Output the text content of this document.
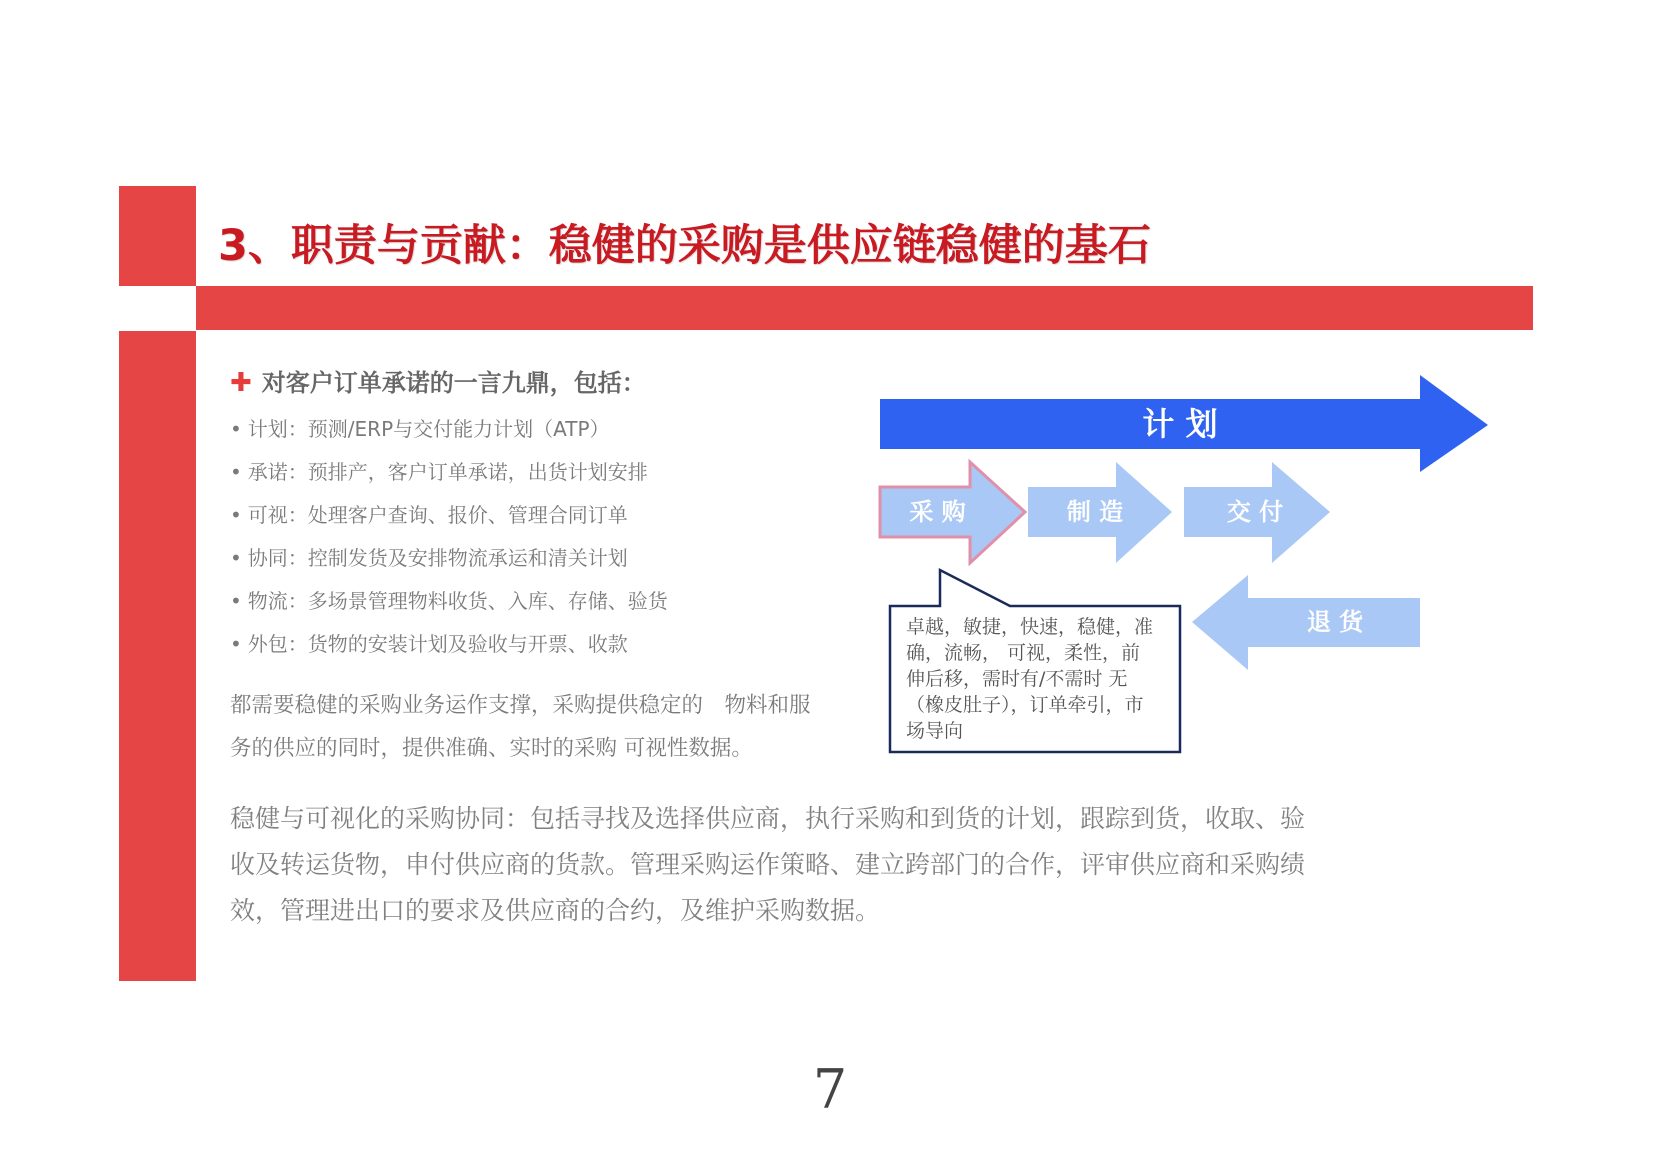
3、职责与贡献：稳健的采购是供应链稳健的基石
✚ 对客户订单承诺的一言九鼎，包括：
• 计划：预测/ERP与交付能力计划（ATP）
• 承诺：预排产，客户订单承诺，出货计划安排
• 可视：处理客户查询、报价、管理合同订单
• 协同：控制发货及安排物流承运和清关计划
• 物流：多场景管理物料收货、入库、存储、验货
• 外包：货物的安装计划及验收与开票、收款
都需要稳健的采购业务运作支撑，采购提供稳定的　物料和服
务的供应的同时，提供准确、实时的采购 可视性数据。
计 划
采 购	制 造	交 付
退 货
卓越，敏捷，快速，稳健，准
确，流畅， 可视，柔性，前
伸后移，需时有/不需时 无
（橡皮肚子），订单牵引，市
场导向
稳健与可视化的采购协同：包括寻找及选择供应商，执行采购和到货的计划，跟踪到货，收取、验
收及转运货物，申付供应商的货款。管理采购运作策略、建立跨部门的合作，评审供应商和采购绩
效，管理进出口的要求及供应商的合约，及维护采购数据。
7
